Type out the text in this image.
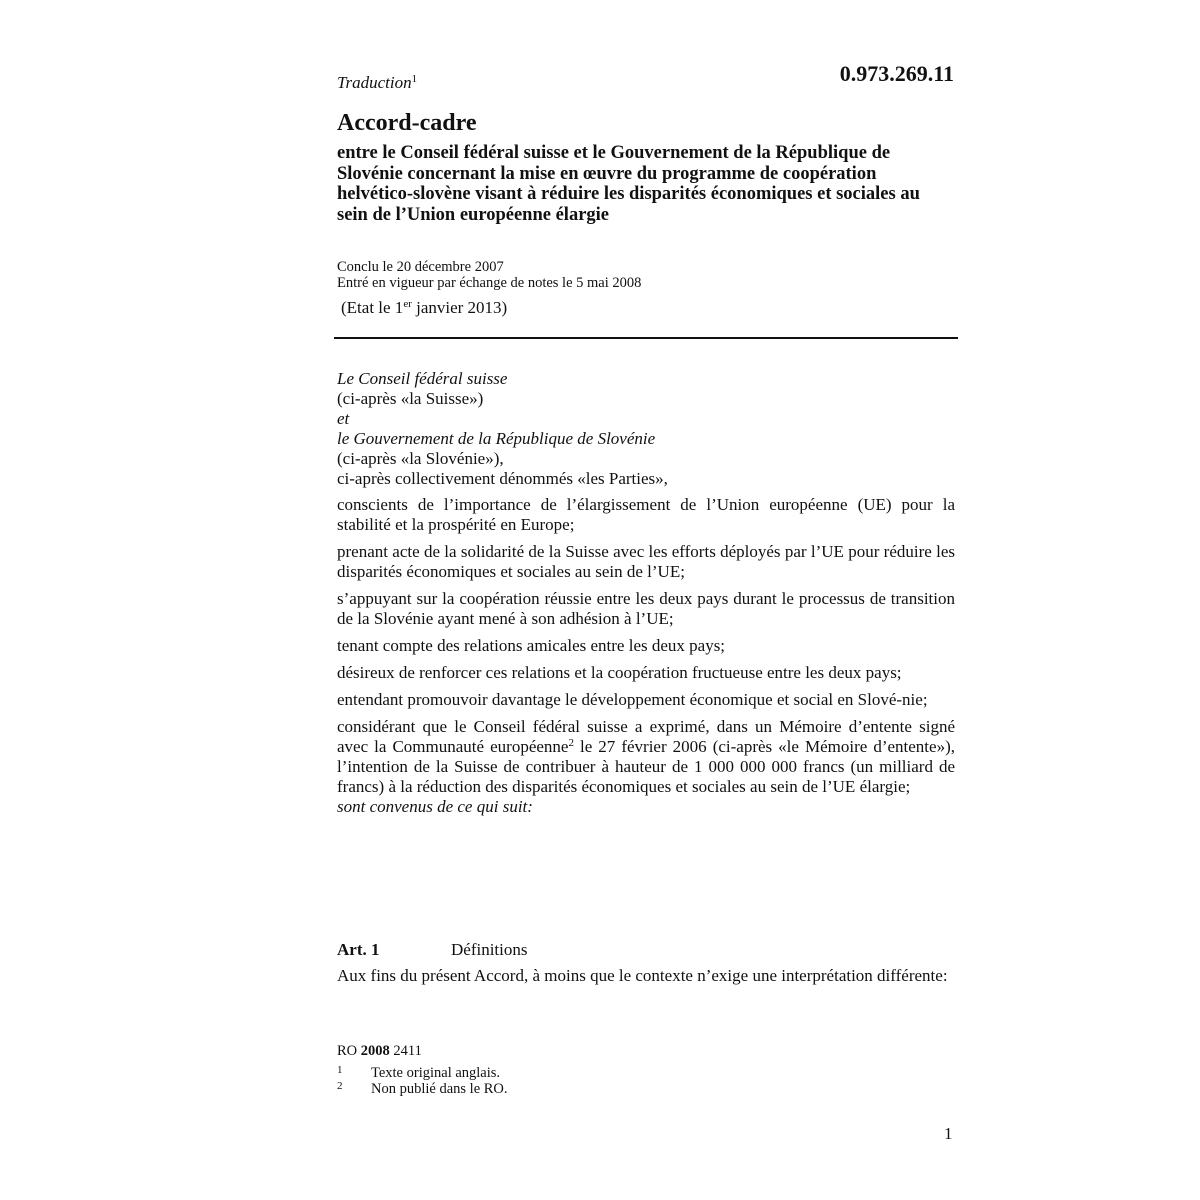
Traduction$^1$	0.973.269.11
Accord-cadre
entre le Conseil fédéral suisse et le Gouvernement de la République de Slovénie concernant la mise en œuvre du programme de coopération helvético-slovène visant à réduire les disparités économiques et sociales au sein de l’Union européenne élargie
Conclu le 20 décembre 2007
Entré en vigueur par échange de notes le 5 mai 2008
(Etat le 1er janvier 2013)
Le Conseil fédéral suisse
(ci-après «la Suisse»)
et
le Gouvernement de la République de Slovénie
(ci-après «la Slovénie»),
ci-après collectivement dénommés «les Parties»,

conscients de l’importance de l’élargissement de l’Union européenne (UE) pour la stabilité et la prospérité en Europe;

prenant acte de la solidarité de la Suisse avec les efforts déployés par l’UE pour réduire les disparités économiques et sociales au sein de l’UE;

s’appuyant sur la coopération réussie entre les deux pays durant le processus de transition de la Slovénie ayant mené à son adhésion à l’UE;

tenant compte des relations amicales entre les deux pays;

désireux de renforcer ces relations et la coopération fructueuse entre les deux pays;

entendant promouvoir davantage le développement économique et social en Slové-nie;

considérant que le Conseil fédéral suisse a exprimé, dans un Mémoire d’entente signé avec la Communauté européenne$^2$ le 27 février 2006 (ci-après «le Mémoire d’entente»), l’intention de la Suisse de contribuer à hauteur de 1 000 000 000 francs (un milliard de francs) à la réduction des disparités économiques et sociales au sein de l’UE élargie;

sont convenus de ce qui suit:
Art. 1	Définitions
Aux fins du présent Accord, à moins que le contexte n’exige une interprétation différente:
RO 2008 2411
1 Texte original anglais.
2 Non publié dans le RO.
1
